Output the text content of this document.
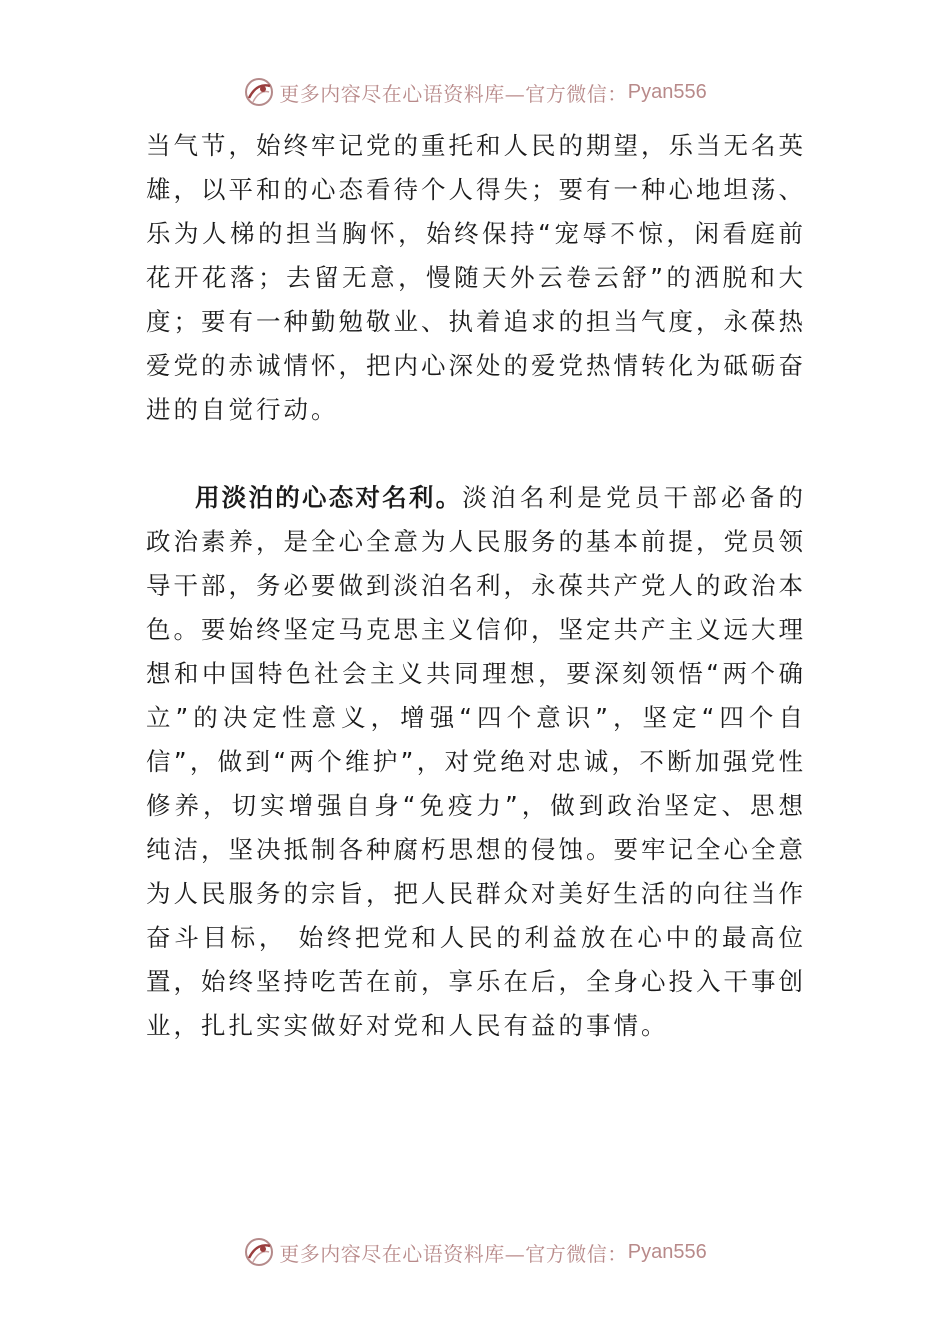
更多内容尽在心语资料库—官方微信： Pyan556

当气节，始终牢记党的重托和人民的期望，乐当无名英雄，以平和的心态看待个人得失；要有一种心地坦荡、乐为人梯的担当胸怀，始终保持“宠辱不惊，闲看庭前花开花落；去留无意，慢随天外云卷云舒”的洒脱和大度；要有一种勤勉敬业、执着追求的担当气度，永葆热爱党的赤诚情怀，把内心深处的爱党热情转化为砥砺奋进的自觉行动。

用淡泊的心态对名利。淡泊名利是党员干部必备的政治素养，是全心全意为人民服务的基本前提，党员领导干部，务必要做到淡泊名利，永葆共产党人的政治本色。要始终坚定马克思主义信仰，坚定共产主义远大理想和中国特色社会主义共同理想，要深刻领悟“两个确立”的决定性意义，增强“四个意识”，坚定“四个自信”，做到“两个维护”，对党绝对忠诚，不断加强党性修养，切实增强自身“免疫力”，做到政治坚定、思想纯洁，坚决抵制各种腐朽思想的侵蚀。要牢记全心全意为人民服务的宗旨，把人民群众对美好生活的向往当作奋斗目标， 始终把党和人民的利益放在心中的最高位置，始终坚持吃苦在前，享乐在后，全身心投入干事创业，扎扎实实做好对党和人民有益的事情。

更多内容尽在心语资料库—官方微信： Pyan556
